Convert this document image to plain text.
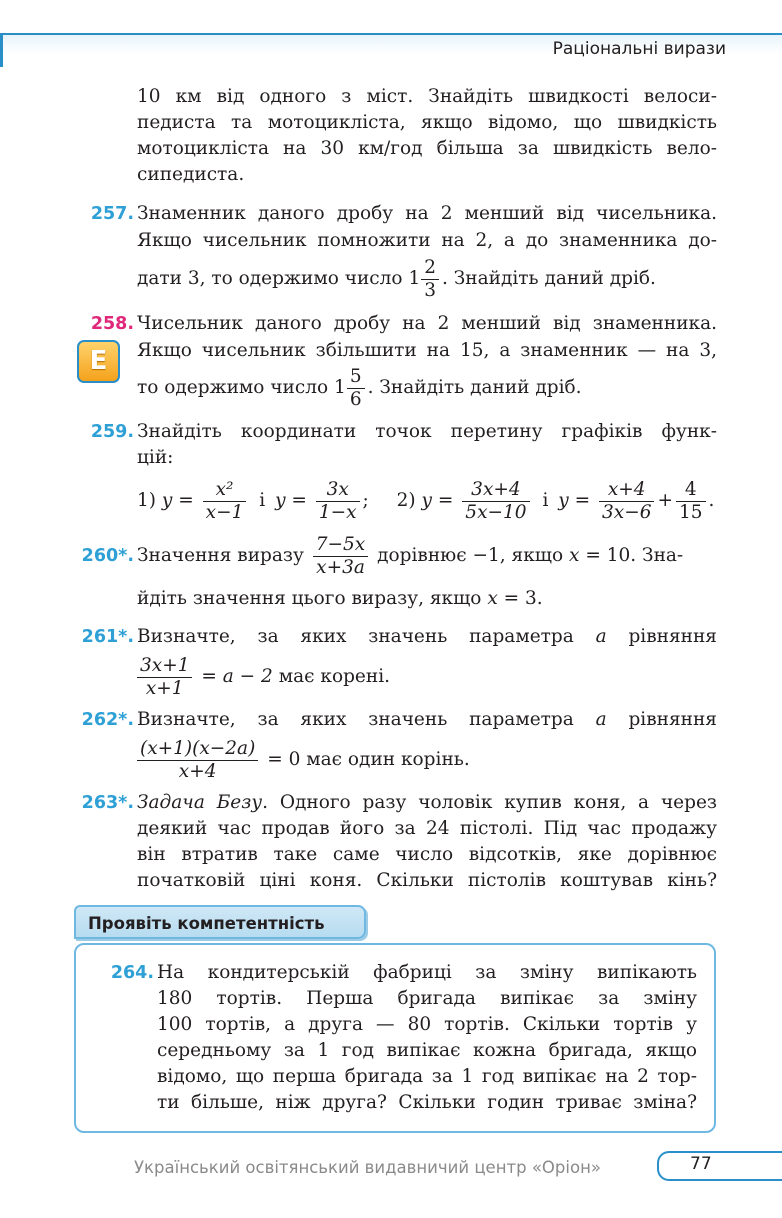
Раціональні вирази
10 км від одного з міст. Знайдіть швидкості велоси-
педиста та мотоцикліста, якщо відомо, що швидкість
мотоцикліста на 30 км/год більша за швидкість вело-
сипедиста.
257. Знаменник даного дробу на 2 менший від чисельника.
Якщо чисельник помножити на 2, а до знаменника до-
дати 3, то одержимо число $1 \frac{2}{3}$ . Знайдіть даний дріб.
258.
E
Чисельник даного дробу на 2 менший від знаменника.
Якщо чисельник збільшити на 15, а знаменник — на 3,
то одержимо число $1 \frac{5}{6}$ . Знайдіть даний дріб.
259. Знайдіть координати точок перетину графіків функ-
цій:
1) $y = \frac{\text{x²}}{x-1}$ і $y = \frac{3x}{1-x}$ ; 2) $y = \frac{3x+4}{5x-10}$ і $y = \frac{x+4}{3x-6} + \frac{4}{15}$ .
260*. Значення виразу $\frac{7-5x}{x+3a}$ дорівнює −1, якщо x = 10. Зна-
йдіть значення цього виразу, якщо x = 3.
261*. Визначте, за яких значень параметра a рівняння
$\frac{3x+1}{x+1} = a - 2$ має корені.
262*. Визначте, за яких значень параметра a рівняння
$\frac{(x+1)(x-2a)}{x+4} = 0$ має один корінь.
263*. Задача Безу. Одного разу чоловік купив коня, а через
деякий час продав його за 24 пістолі. Під час продажу
він втратив таке саме число відсотків, яке дорівнює
початковій ціні коня. Скільки пістолів коштував кінь?
Проявіть компетентність
264. На кондитерській фабриці за зміну випікають
180 тортів. Перша бригада випікає за зміну
100 тортів, а друга — 80 тортів. Скільки тортів у
середньому за 1 год випікає кожна бригада, якщо
відомо, що перша бригада за 1 год випікає на 2 тор-
ти більше, ніж друга? Скільки годин триває зміна?
Український освітянський видавничий центр «Оріон»	77
